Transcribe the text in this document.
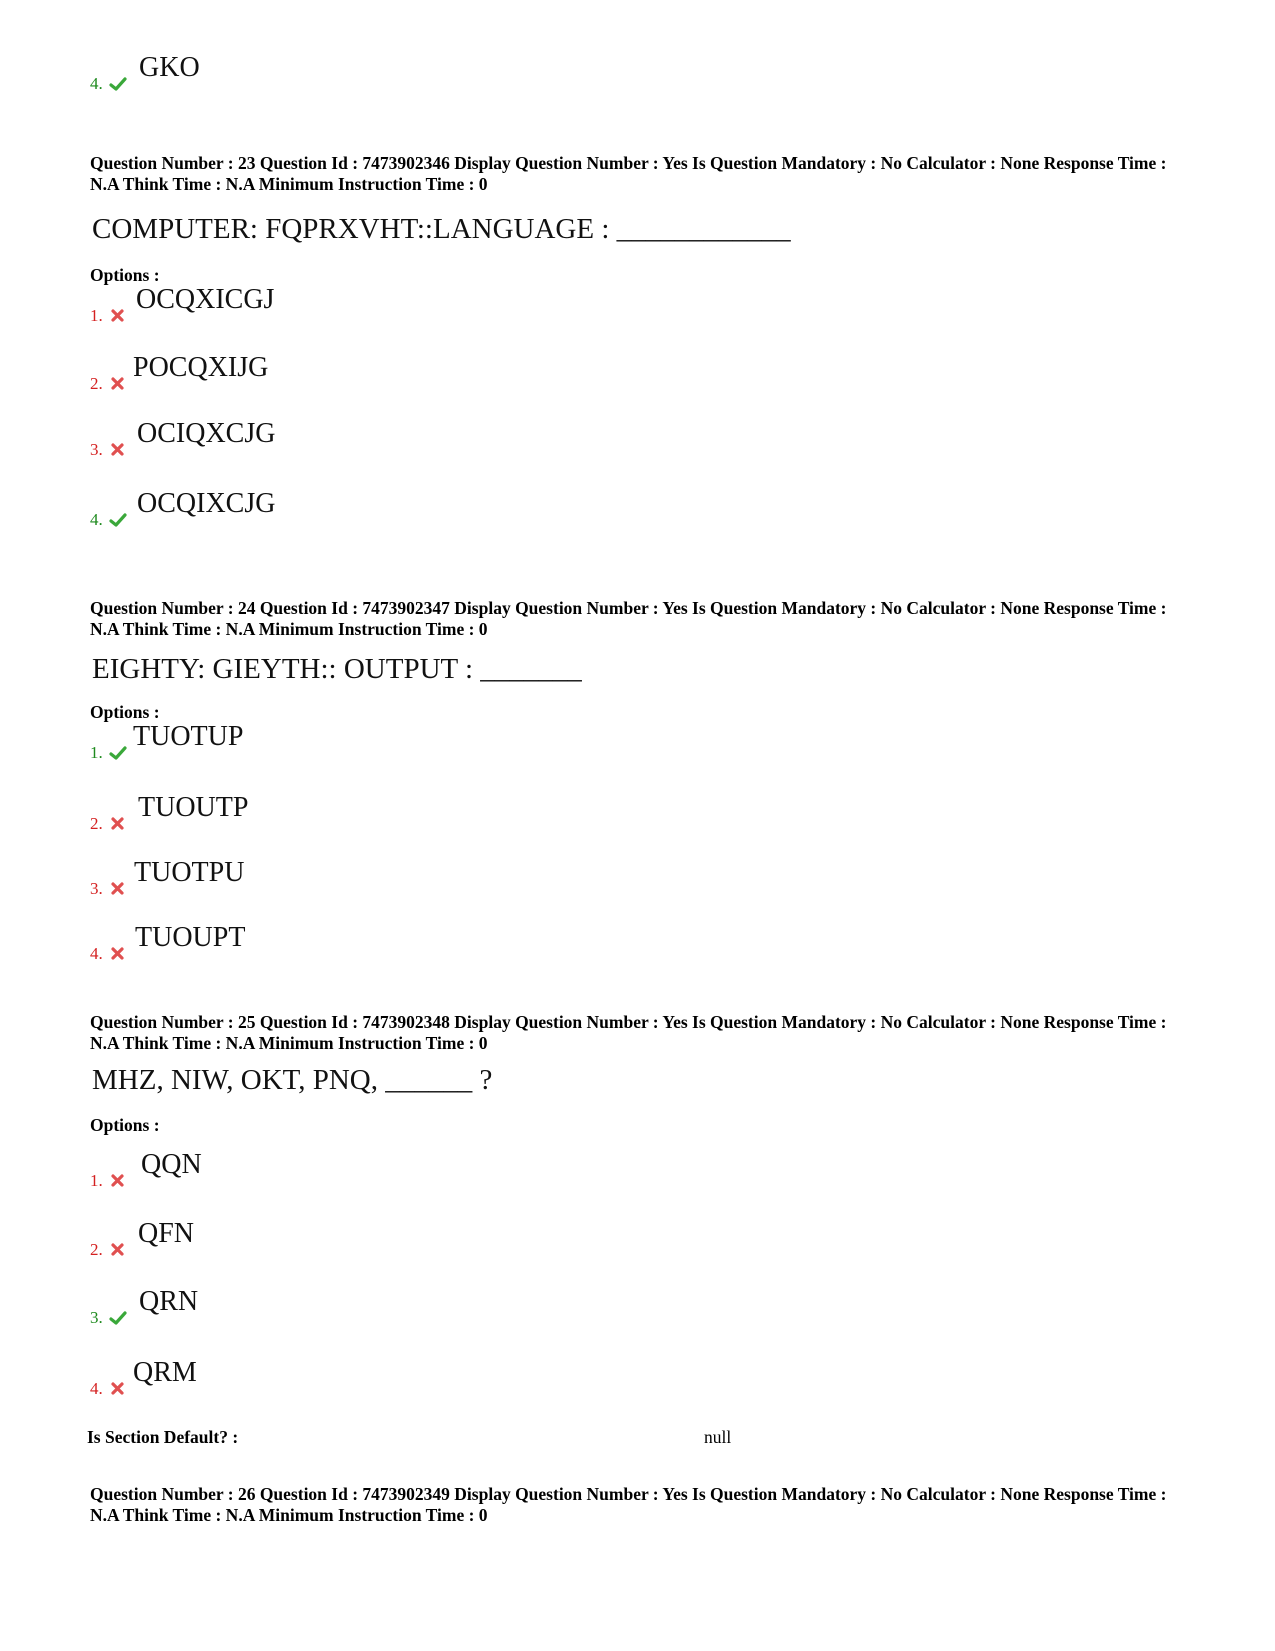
4.
GKO
Question Number : 23 Question Id : 7473902346 Display Question Number : Yes Is Question Mandatory : No Calculator : None Response Time : N.A Think Time : N.A Minimum Instruction Time : 0
COMPUTER: FQPRXVHT::LANGUAGE : ____________
Options :
1.
OCQXICGJ
2.
POCQXIJG
3.
OCIQXCJG
4.
OCQIXCJG
Question Number : 24 Question Id : 7473902347 Display Question Number : Yes Is Question Mandatory : No Calculator : None Response Time : N.A Think Time : N.A Minimum Instruction Time : 0
EIGHTY: GIEYTH:: OUTPUT : _______
Options :
1.
TUOTUP
2.
TUOUTP
3.
TUOTPU
4.
TUOUPT
Question Number : 25 Question Id : 7473902348 Display Question Number : Yes Is Question Mandatory : No Calculator : None Response Time : N.A Think Time : N.A Minimum Instruction Time : 0
MHZ, NIW, OKT, PNQ, ______ ?
Options :
1.
QQN
2.
QFN
3.
QRN
4.
QRM
Is Section Default? :	null
Question Number : 26 Question Id : 7473902349 Display Question Number : Yes Is Question Mandatory : No Calculator : None Response Time : N.A Think Time : N.A Minimum Instruction Time : 0
